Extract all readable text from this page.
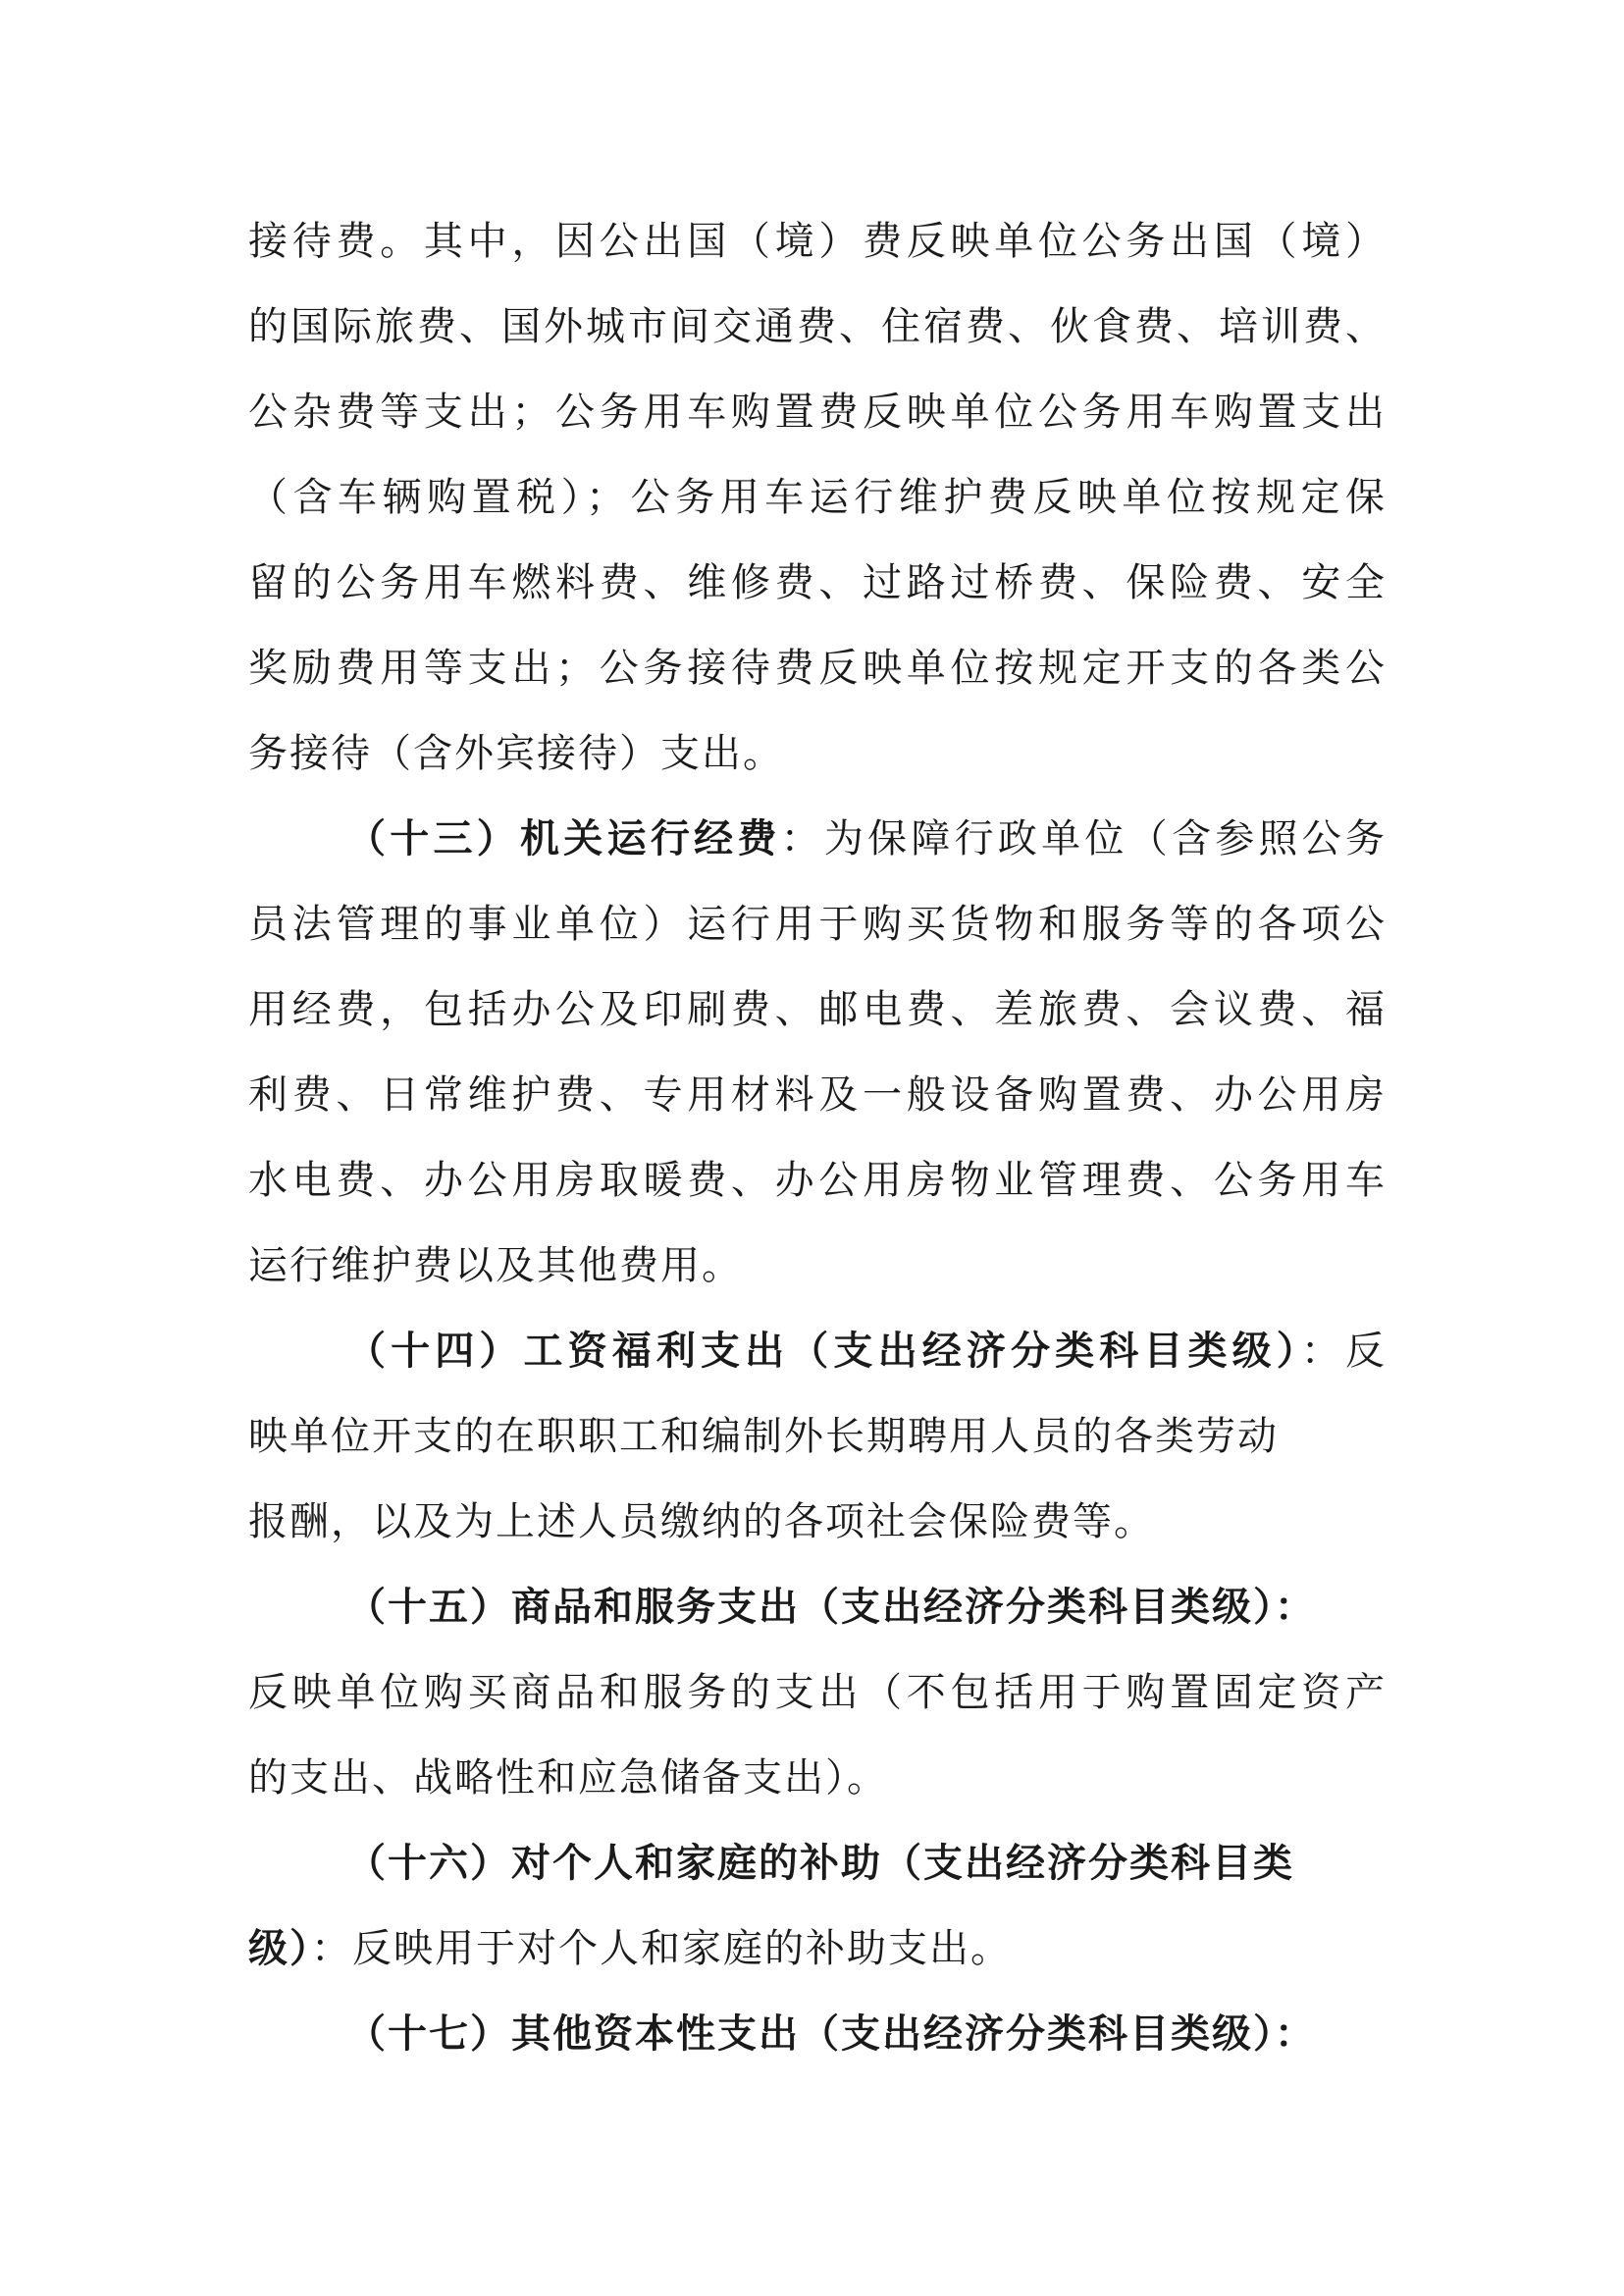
接待费。其中，因公出国（境）费反映单位公务出国（境）
的国际旅费、国外城市间交通费、住宿费、伙食费、培训费、
公杂费等支出；公务用车购置费反映单位公务用车购置支出
（含车辆购置税）；公务用车运行维护费反映单位按规定保
留的公务用车燃料费、维修费、过路过桥费、保险费、安全
奖励费用等支出；公务接待费反映单位按规定开支的各类公
务接待（含外宾接待）支出。
（十三）机关运行经费：为保障行政单位（含参照公务
员法管理的事业单位）运行用于购买货物和服务等的各项公
用经费，包括办公及印刷费、邮电费、差旅费、会议费、福
利费、日常维护费、专用材料及一般设备购置费、办公用房
水电费、办公用房取暖费、办公用房物业管理费、公务用车
运行维护费以及其他费用。
（十四）工资福利支出（支出经济分类科目类级）：反
映单位开支的在职职工和编制外长期聘用人员的各类劳动
报酬，以及为上述人员缴纳的各项社会保险费等。
（十五）商品和服务支出（支出经济分类科目类级）：
反映单位购买商品和服务的支出（不包括用于购置固定资产
的支出、战略性和应急储备支出）。
（十六）对个人和家庭的补助（支出经济分类科目类
级）：反映用于对个人和家庭的补助支出。
（十七）其他资本性支出（支出经济分类科目类级）：
